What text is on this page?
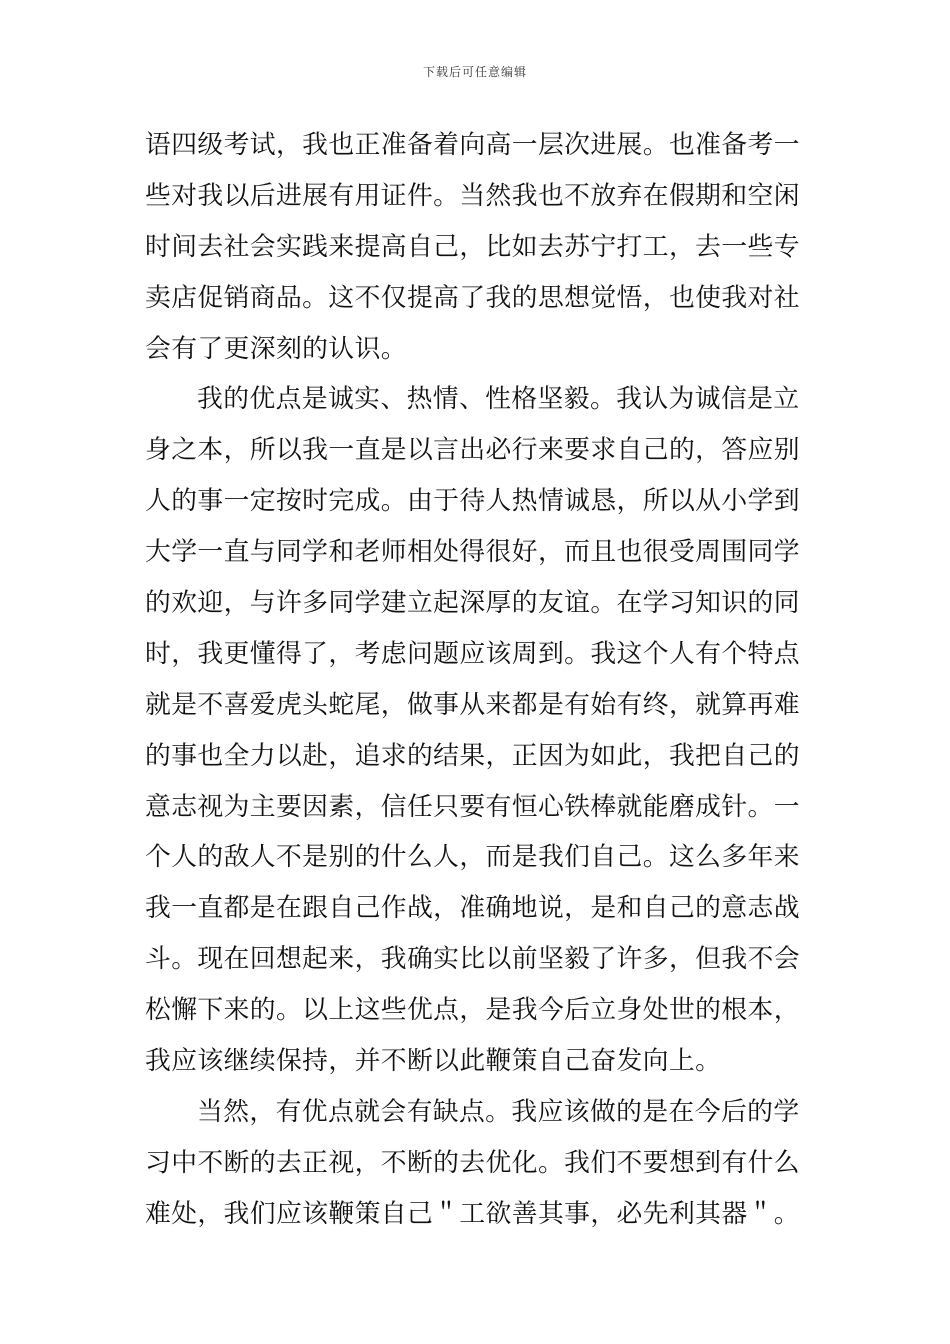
下载后可任意编辑
语四级考试，我也正准备着向高一层次进展。也准备考一
些对我以后进展有用证件。当然我也不放弃在假期和空闲
时间去社会实践来提高自己，比如去苏宁打工，去一些专
卖店促销商品。这不仅提高了我的思想觉悟，也使我对社
会有了更深刻的认识。
我的优点是诚实、热情、性格坚毅。我认为诚信是立
身之本，所以我一直是以言出必行来要求自己的，答应别
人的事一定按时完成。由于待人热情诚恳，所以从小学到
大学一直与同学和老师相处得很好，而且也很受周围同学
的欢迎，与许多同学建立起深厚的友谊。在学习知识的同
时，我更懂得了，考虑问题应该周到。我这个人有个特点
就是不喜爱虎头蛇尾，做事从来都是有始有终，就算再难
的事也全力以赴，追求的结果，正因为如此，我把自己的
意志视为主要因素，信任只要有恒心铁棒就能磨成针。一
个人的敌人不是别的什么人，而是我们自己。这么多年来
我一直都是在跟自己作战，准确地说，是和自己的意志战
斗。现在回想起来，我确实比以前坚毅了许多，但我不会
松懈下来的。以上这些优点，是我今后立身处世的根本，
我应该继续保持，并不断以此鞭策自己奋发向上。
当然，有优点就会有缺点。我应该做的是在今后的学
习中不断的去正视，不断的去优化。我们不要想到有什么
难处，我们应该鞭策自己＂工欲善其事，必先利其器＂。
